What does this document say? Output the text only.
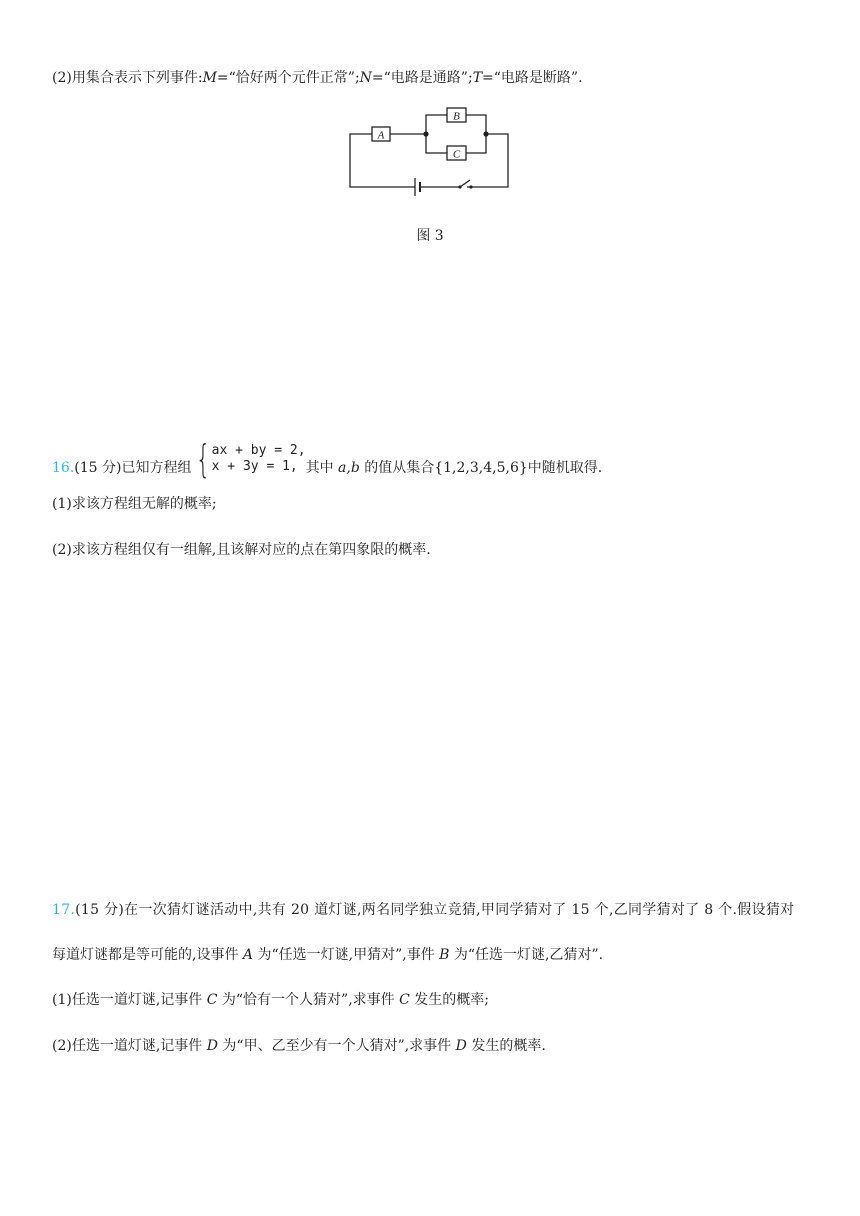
(2)用集合表示下列事件:M=“恰好两个元件正常”;N=“电路是通路”;T=“电路是断路”.
A
B
C
图 3
16.(15 分)已知方程组 { ax + by = 2,
x + 3y = 1, 其中 a,b 的值从集合{1,2,3,4,5,6}中随机取得.
(1)求该方程组无解的概率;
(2)求该方程组仅有一组解,且该解对应的点在第四象限的概率.
17.(15 分)在一次猜灯谜活动中,共有 20 道灯谜,两名同学独立竞猜,甲同学猜对了 15 个,乙同学猜对了 8 个.假设猜对
每道灯谜都是等可能的,设事件 A 为“任选一灯谜,甲猜对”,事件 B 为“任选一灯谜,乙猜对”.
(1)任选一道灯谜,记事件 C 为“恰有一个人猜对”,求事件 C 发生的概率;
(2)任选一道灯谜,记事件 D 为“甲、乙至少有一个人猜对”,求事件 D 发生的概率.
